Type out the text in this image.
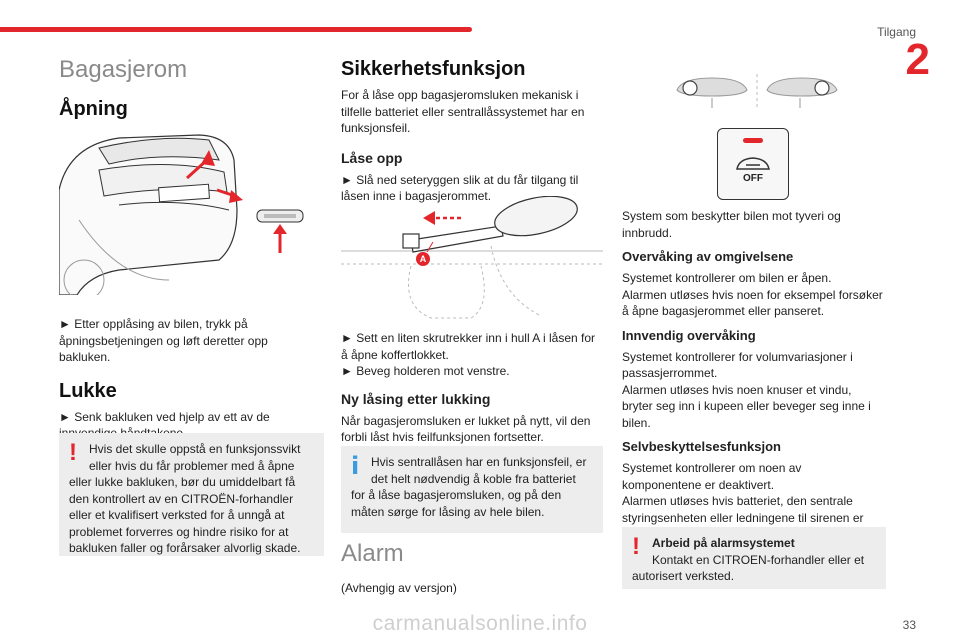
Tilgang
2
Bagasjerom
Åpning

► Etter opplåsing av bilen, trykk på

åpningsbetjeningen og løft deretter opp

bakluken.

Lukke

► Senk bakluken ved hjelp av ett av de

! Hvis det skulle oppstå en funksjonssvikt

eller hvis du får problemer med å åpne

eller lukke bakluken, bør du umiddelbart få

den kontrollert av en CITROËN-forhandler

eller et kvalifisert verksted for å unngå at

problemet forverres og hindre risiko for at

bakluken faller og forårsaker alvorlig skade.

Sikkerhetsfunksjon

For å låse opp bagasjeromsluken mekanisk i

tilfelle batteriet eller sentrallåssystemet har en

funksjonsfeil.

Låse opp

► Slå ned seteryggen slik at du får tilgang til

låsen inne i bagasjerommet.

A

► Sett en liten skrutrekker inn i hull A i låsen for

å åpne koffertlokket.

► Beveg holderen mot venstre.

Ny låsing etter lukking

Når bagasjeromsluken er lukket på nytt, vil den

forbli låst hvis feilfunksjonen fortsetter.

i Hvis sentrallåsen har en funksjonsfeil, er

det helt nødvendig å koble fra batteriet

for å låse bagasjeromsluken, og på den

måten sørge for låsing av hele bilen.

Alarm

(Avhengig av versjon)

OFF

System som beskytter bilen mot tyveri og

innbrudd.

Overvåking av omgivelsene

Systemet kontrollerer om bilen er åpen.

Alarmen utløses hvis noen for eksempel forsøker

å åpne bagasjerommet eller panseret.

Innvendig overvåking

Systemet kontrollerer for volumvariasjoner i

passasjerrommet.

Alarmen utløses hvis noen knuser et vindu,

bryter seg inn i kupeen eller beveger seg inne i

bilen.

Selvbeskyttelsesfunksjon

Systemet kontrollerer om noen av

komponentene er deaktivert.

Alarmen utløses hvis batteriet, den sentrale

styringsenheten eller ledningene til sirenen er

! Arbeid på alarmsystemet

Kontakt en CITROEN-forhandler eller et

autorisert verksted.

33
carmanualsonline.info
